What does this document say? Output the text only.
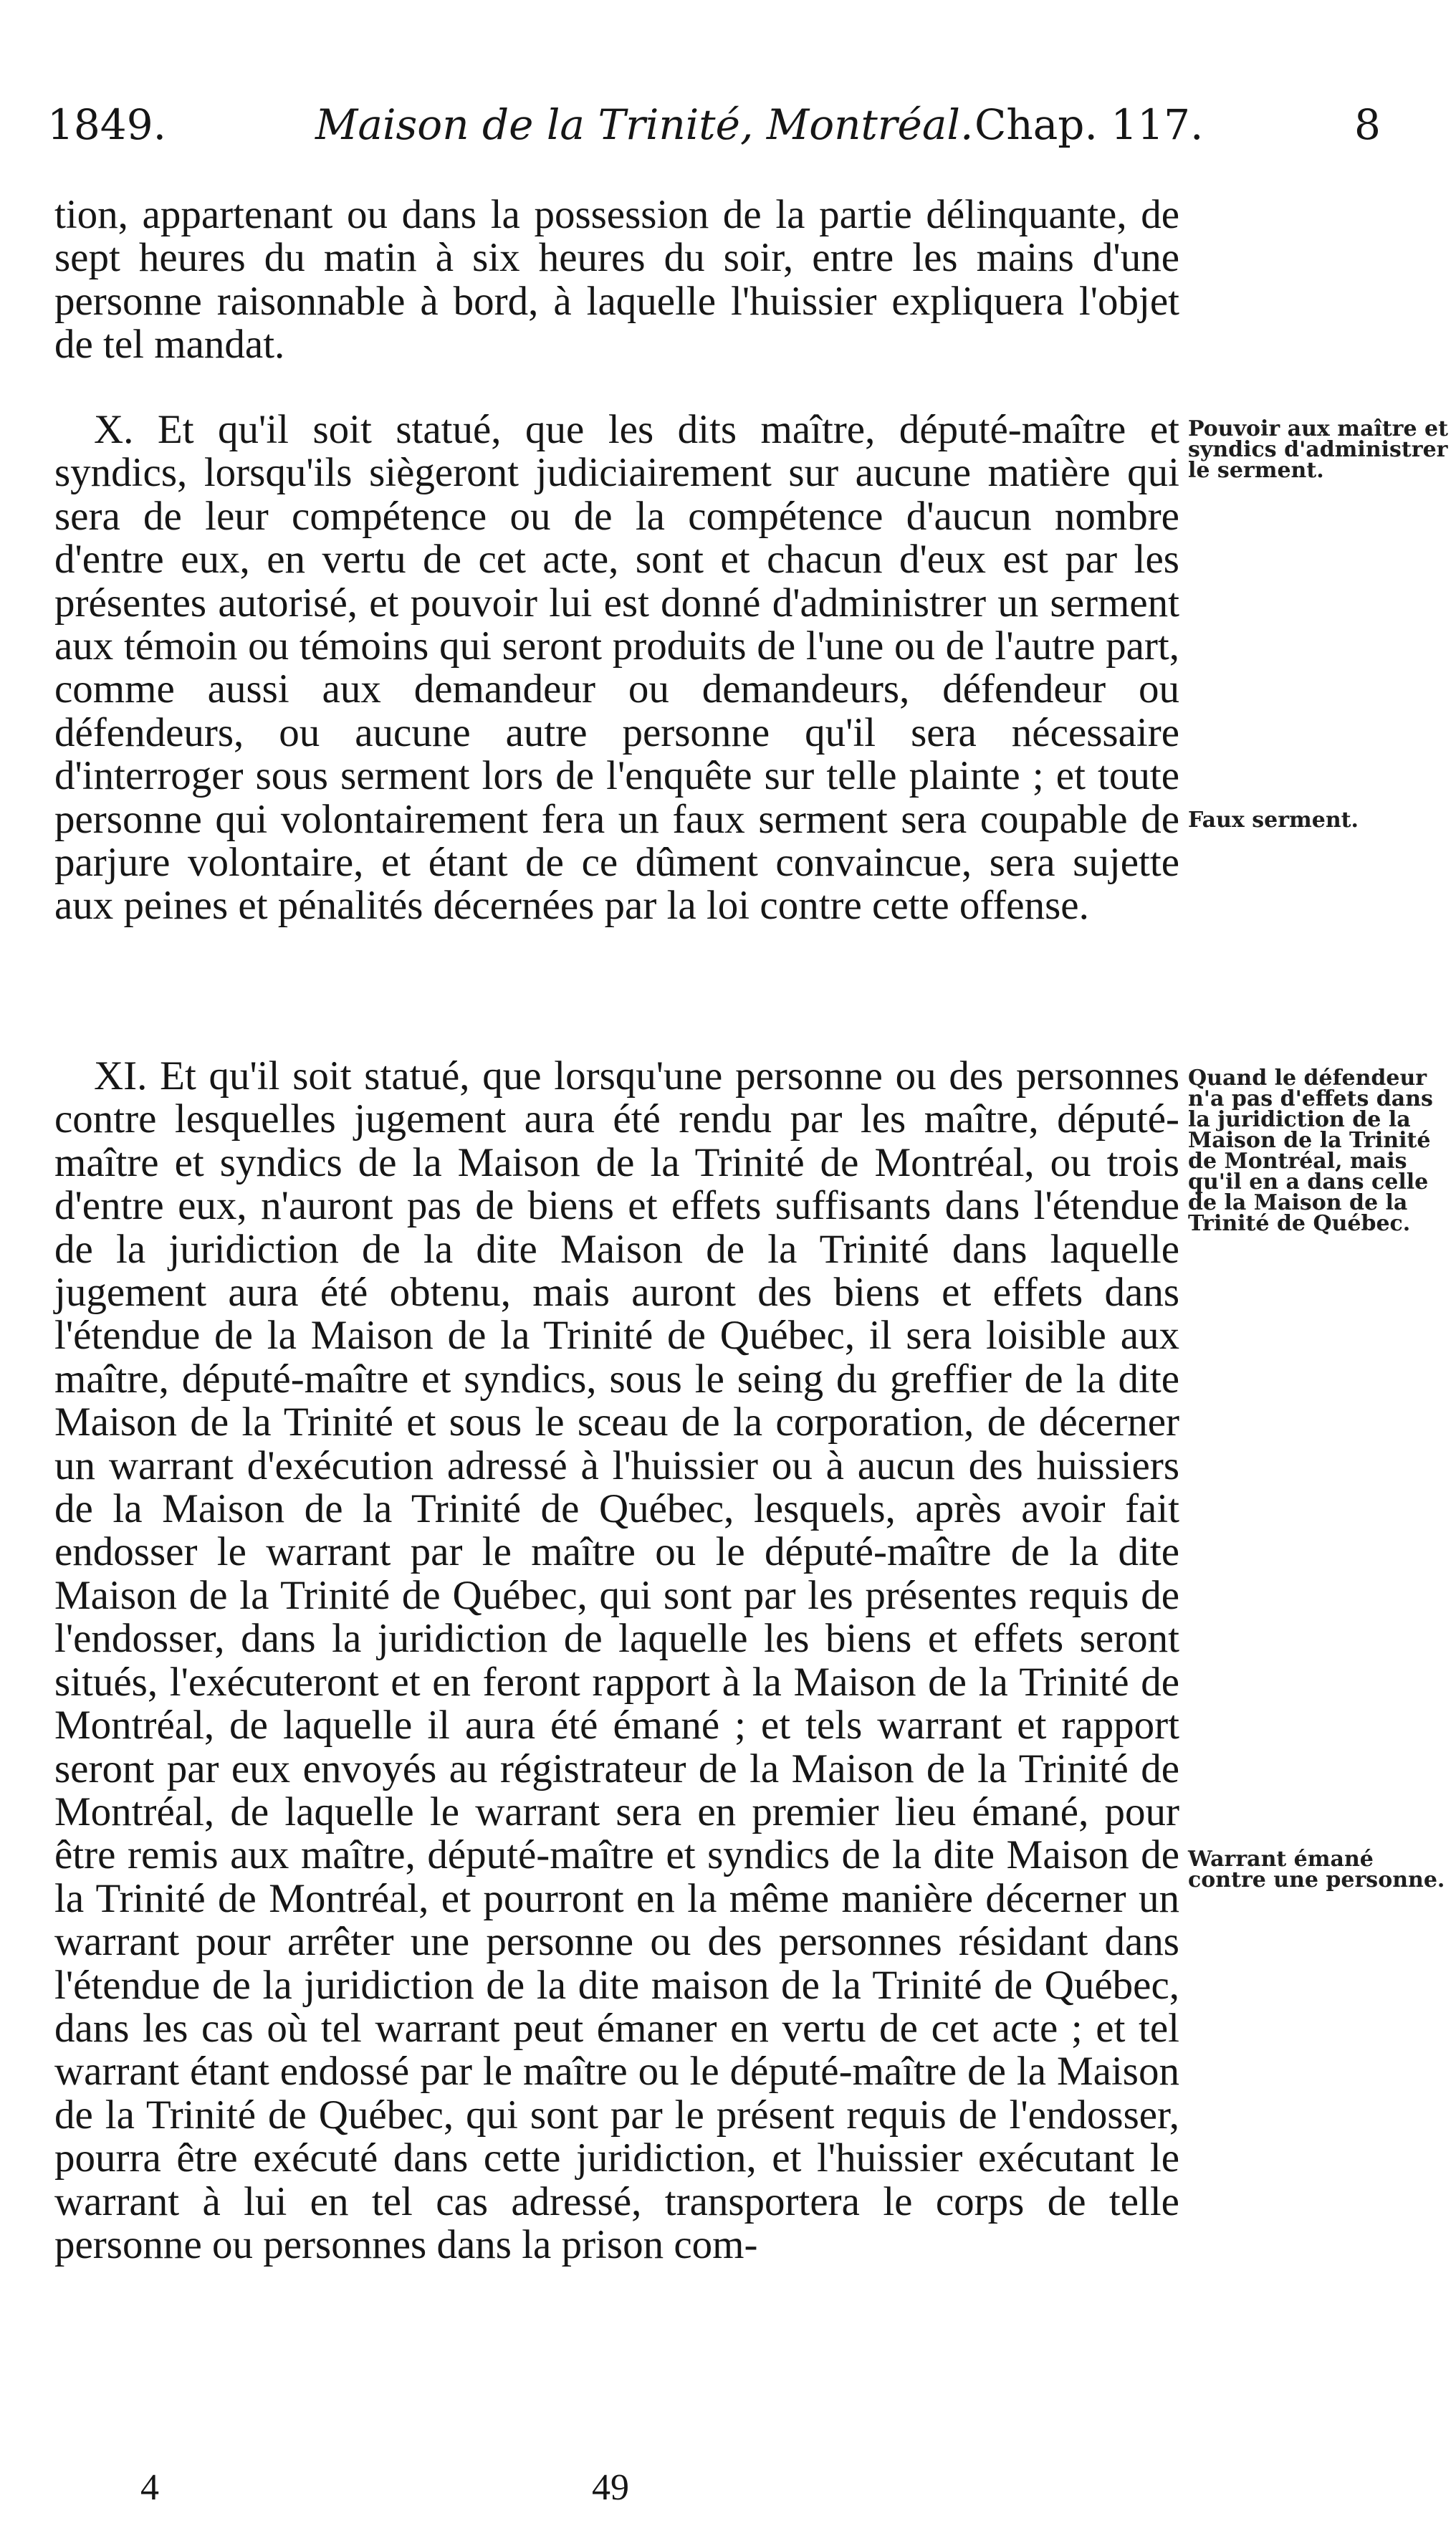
1849.	Maison de la Trinité, Montréal. Chap. 117.	8

tion, appartenant ou dans la possession de la partie délinquante, de sept heures du matin à six heures du soir, entre les mains d'une personne raisonnable à bord, à laquelle l'huissier expliquera l'objet de tel mandat.

X. Et qu'il soit statué, que les dits maître, député-maître et syndics, lorsqu'ils siègeront judiciairement sur aucune matière qui sera de leur compétence ou de la compétence d'aucun nombre d'entre eux, en vertu de cet acte, sont et chacun d'eux est par les présentes autorisé, et pouvoir lui est donné d'administrer un serment aux témoin ou témoins qui seront produits de l'une ou de l'autre part, comme aussi aux demandeur ou demandeurs, défendeur ou défendeurs, ou aucune autre personne qu'il sera nécessaire d'interroger sous serment lors de l'enquête sur telle plainte ; et toute personne qui volontairement fera un faux serment sera coupable de parjure volontaire, et étant de ce dûment convaincue, sera sujette aux peines et pénalités décernées par la loi contre cette offense.

XI. Et qu'il soit statué, que lorsqu'une personne ou des personnes contre lesquelles jugement aura été rendu par les maître, député-maître et syndics de la Maison de la Trinité de Montréal, ou trois d'entre eux, n'auront pas de biens et effets suffisants dans l'étendue de la juridiction de la dite Maison de la Trinité dans laquelle jugement aura été obtenu, mais auront des biens et effets dans l'étendue de la Maison de la Trinité de Québec, il sera loisible aux maître, député-maître et syndics, sous le seing du greffier de la dite Maison de la Trinité et sous le sceau de la corporation, de décerner un warrant d'exécution adressé à l'huissier ou à aucun des huissiers de la Maison de la Trinité de Québec, lesquels, après avoir fait endosser le warrant par le maître ou le député-maître de la dite Maison de la Trinité de Québec, qui sont par les présentes requis de l'endosser, dans la juridiction de laquelle les biens et effets seront situés, l'exécuteront et en feront rapport à la Maison de la Trinité de Montréal, de laquelle il aura été émané ; et tels warrant et rapport seront par eux envoyés au régistrateur de la Maison de la Trinité de Montréal, de laquelle le warrant sera en premier lieu émané, pour être remis aux maître, député-maître et syndics de la dite Maison de la Trinité de Montréal, et pourront en la même manière décerner un warrant pour arrêter une personne ou des personnes résidant dans l'étendue de la juridiction de la dite maison de la Trinité de Québec, dans les cas où tel warrant peut émaner en vertu de cet acte ; et tel warrant étant endossé par le maître ou le député-maître de la Maison de la Trinité de Québec, qui sont par le présent requis de l'endosser, pourra être exécuté dans cette juridiction, et l'huissier exécutant le warrant à lui en tel cas adressé, transportera le corps de telle personne ou personnes dans la prison com-

Pouvoir aux maître et syndics d'administrer le serment.
Faux serment.
Quand le défendeur n'a pas d'effets dans la juridiction de la Maison de la Trinité de Montréal, mais qu'il en a dans celle de la Maison de la Trinité de Québec.
Warrant émané contre une personne.
4	49
